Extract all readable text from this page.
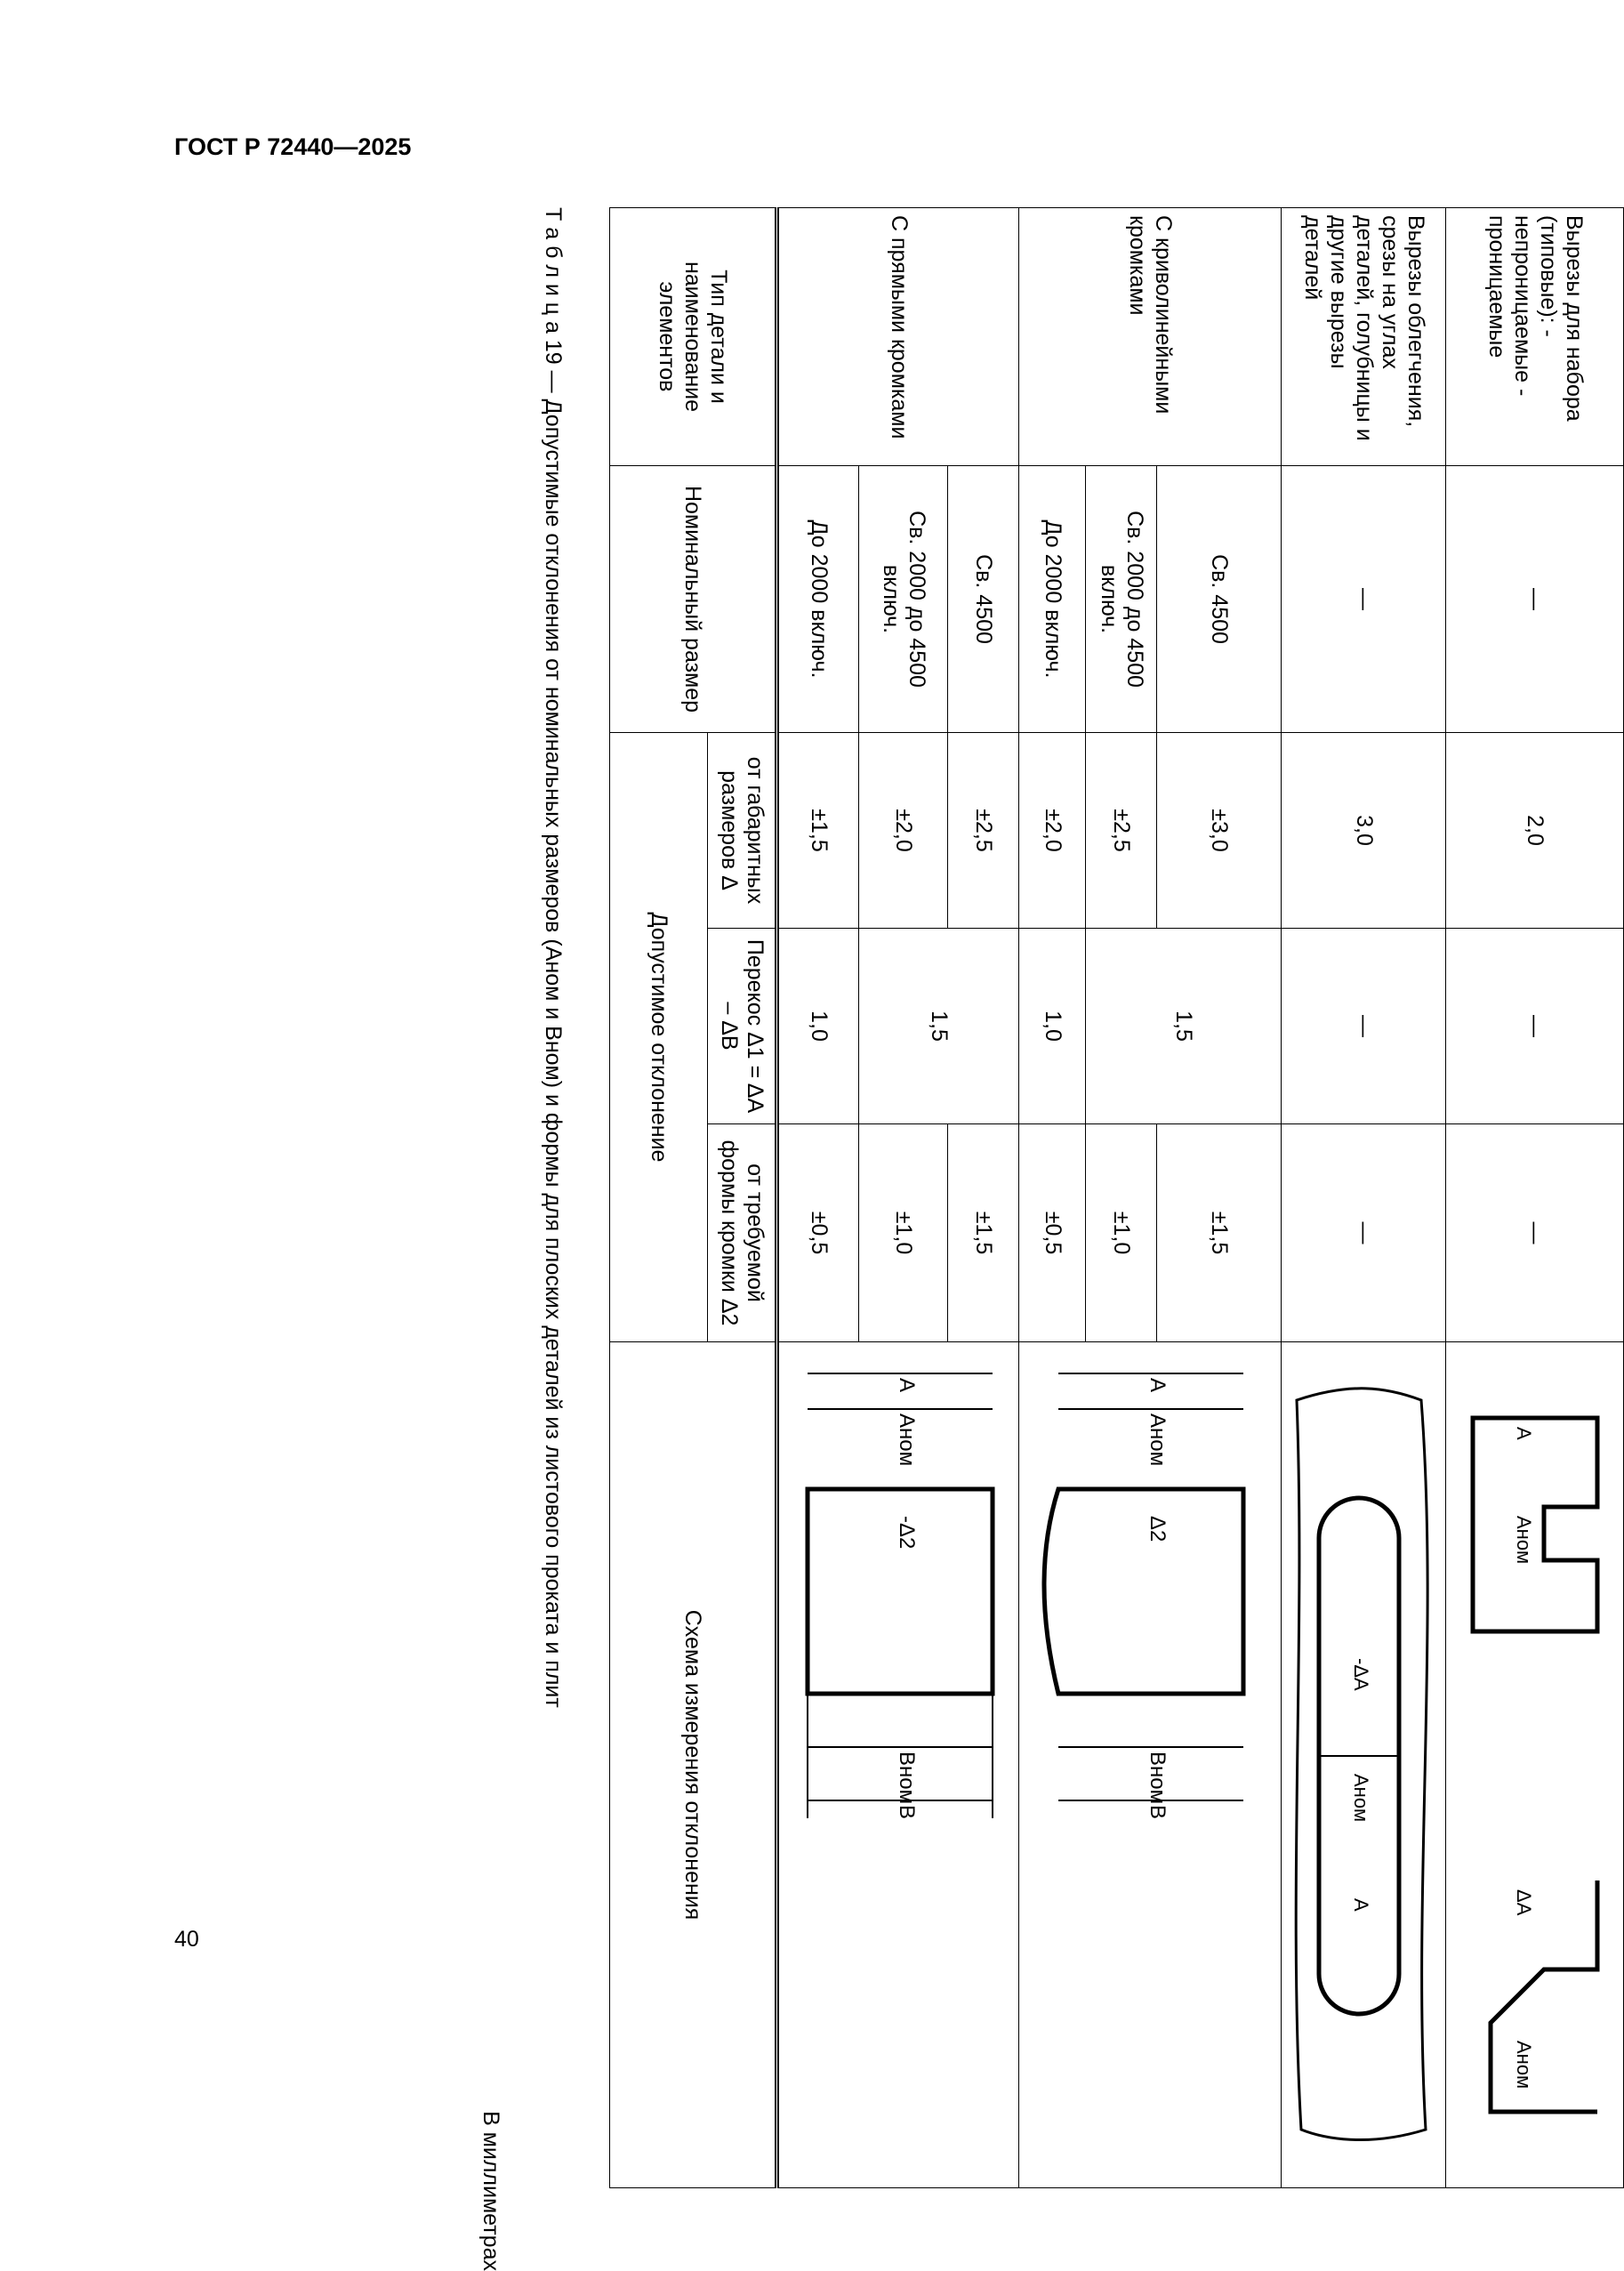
ГОСТ Р 72440—2025
Т а б л и ц а 19 — Допустимые отклонения от номинальных размеров (Aном и Bном) и формы для плоских деталей из листового проката и плит
В миллиметрах
Тип детали и наименование элементов	Номинальный размер	Допустимое отклонение			Схема измерения отклонения

		от габаритных размеров Δ	Перекос Δ1 = ΔA – ΔB	от требуемой формы кромки Δ2	

С прямыми кромками	До 2000 включ.	±1,5	1,0	±0,5	A
Aном
-Δ2
Bном
B

	Св. 2000 до 4500 включ.	±2,0	1,5	±1,0	

	Св. 4500	±2,5		±1,5	

С криволинейными кромками	До 2000 включ.	±2,0	1,0	±0,5	A
Aном
Δ2
Bном
B

	Св. 2000 до 4500 включ.	±2,5	1,5	±1,0	

	Св. 4500	±3,0		±1,5	

Вырезы облегчения, срезы на углах деталей, голубницы и другие вырезы деталей	—	3,0	—	—	-ΔA
Aном
A

Вырезы для набора (типовые): - непроницаемые - проницаемые	—	2,0	—	—	A
Aном
ΔA
Aном
40
